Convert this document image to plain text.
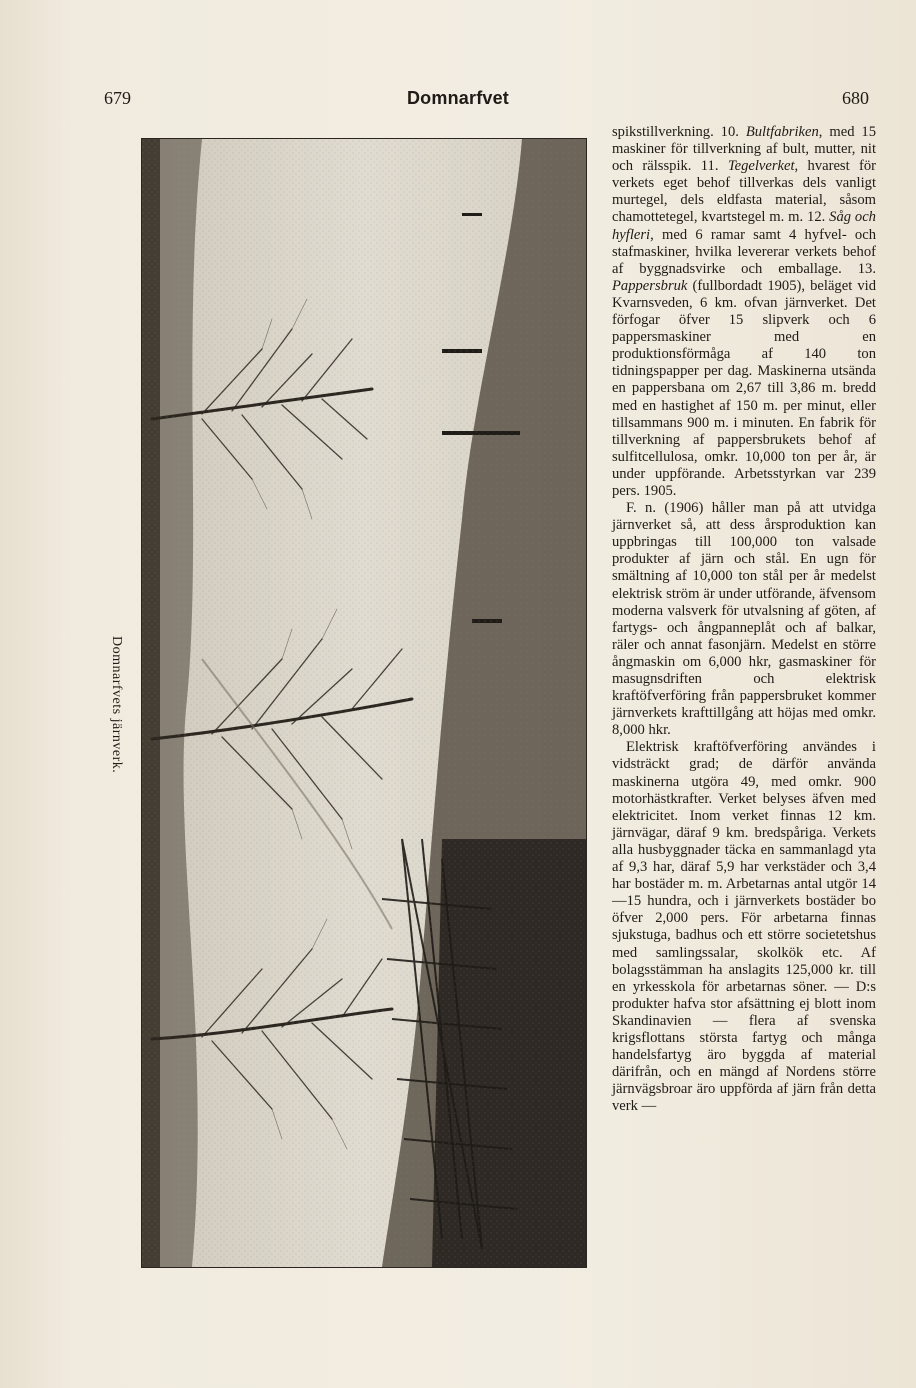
679	Domnarfvet	680
Domnarfvets järnverk.

spikstillverkning. 10. Bultfabriken, med 15 maskiner för tillverkning af bult, mutter, nit och rälsspik. 11. Tegelverket, hvarest för verkets eget behof tillverkas dels vanligt murtegel, dels eldfasta material, såsom chamottetegel, kvartstegel m. m. 12. Såg och hyfleri, med 6 ramar samt 4 hyfvel- och stafmaskiner, hvilka levererar verkets behof af byggnadsvirke och emballage. 13. Pappersbruk (fullbordadt 1905), beläget vid Kvarnsveden, 6 km. ofvan järnverket. Det förfogar öfver 15 slipverk och 6 pappersmaskiner med en produktionsförmåga af 140 ton tidningspapper per dag. Maskinerna utsända en pappersbana om 2,67 till 3,86 m. bredd med en hastighet af 150 m. per minut, eller tillsammans 900 m. i minuten. En fabrik för tillverkning af pappersbrukets behof af sulfitcellulosa, omkr. 10,000 ton per år, är under uppförande. Arbetsstyrkan var 239 pers. 1905.

F. n. (1906) håller man på att utvidga järnverket så, att dess årsproduktion kan uppbringas till 100,000 ton valsade produkter af järn och stål. En ugn för smältning af 10,000 ton stål per år medelst elektrisk ström är under utförande, äfvensom moderna valsverk för utvalsning af göten, af fartygs- och ångpanneplåt och af balkar, räler och annat fasonjärn. Medelst en större ångmaskin om 6,000 hkr, gasmaskiner för masugnsdriften och elektrisk kraftöfverföring från pappersbruket kommer järnverkets krafttillgång att höjas med omkr. 8,000 hkr.

Elektrisk kraftöfverföring användes i vidsträckt grad; de därför använda maskinerna utgöra 49, med omkr. 900 motorhästkrafter. Verket belyses äfven med elektricitet. Inom verket finnas 12 km. järnvägar, däraf 9 km. bredspåriga. Verkets alla husbyggnader täcka en sammanlagd yta af 9,3 har, däraf 5,9 har verkstäder och 3,4 har bostäder m. m. Arbetarnas antal utgör 14—15 hundra, och i järnverkets bostäder bo öfver 2,000 pers. För arbetarna finnas sjukstuga, badhus och ett större societetshus med samlingssalar, skolkök etc. Af bolagsstämman ha anslagits 125,000 kr. till en yrkesskola för arbetarnas söner. — D:s produkter hafva stor afsättning ej blott inom Skandinavien — flera af svenska krigsflottans största fartyg och många handelsfartyg äro byggda af material därifrån, och en mängd af Nordens större järnvägsbroar äro uppförda af järn från detta verk —
